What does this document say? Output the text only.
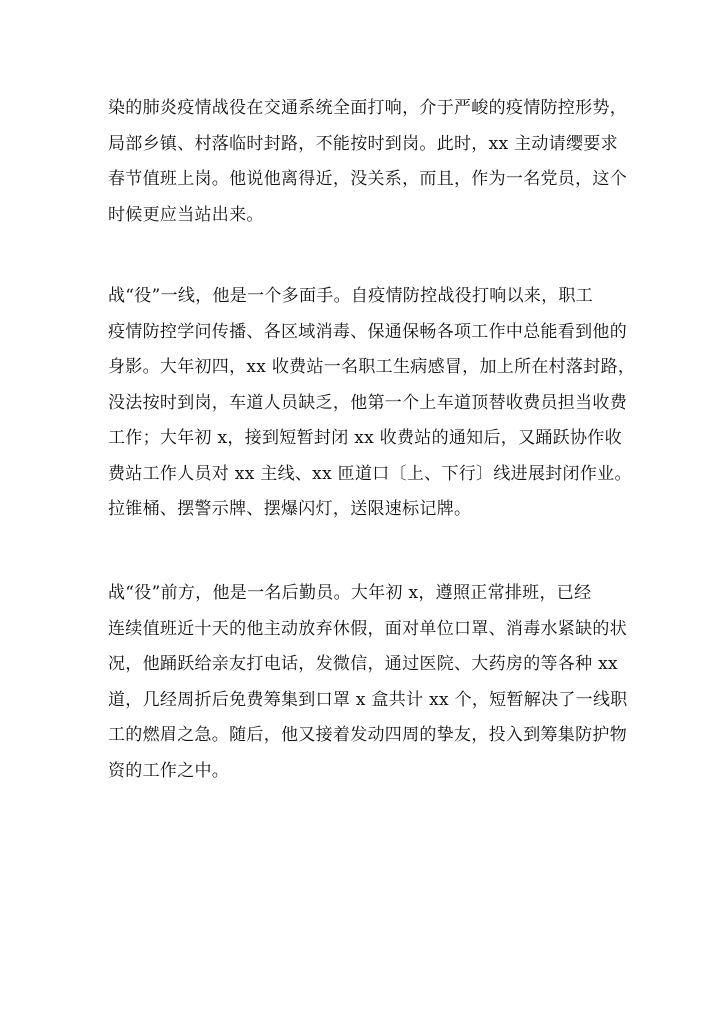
染的肺炎疫情战役在交通系统全面打响，介于严峻的疫情防控形势，
局部乡镇、村落临时封路，不能按时到岗。此时，xx 主动请缨要求
春节值班上岗。他说他离得近，没关系，而且，作为一名党员，这个
时候更应当站出来。
战“役”一线，他是一个多面手。自疫情防控战役打响以来，职工
疫情防控学问传播、各区域消毒、保通保畅各项工作中总能看到他的
身影。大年初四，xx 收费站一名职工生病感冒，加上所在村落封路，
没法按时到岗，车道人员缺乏，他第一个上车道顶替收费员担当收费
工作；大年初 x，接到短暂封闭 xx 收费站的通知后，又踊跃协作收
费站工作人员对 xx 主线、xx 匝道口〔上、下行〕线进展封闭作业。
拉锥桶、摆警示牌、摆爆闪灯，送限速标记牌。
战“役”前方，他是一名后勤员。大年初 x，遵照正常排班，已经
连续值班近十天的他主动放弃休假，面对单位口罩、消毒水紧缺的状
况，他踊跃给亲友打电话，发微信，通过医院、大药房的等各种 xx
道，几经周折后免费筹集到口罩 x 盒共计 xx 个，短暂解决了一线职
工的燃眉之急。随后，他又接着发动四周的挚友，投入到筹集防护物
资的工作之中。
